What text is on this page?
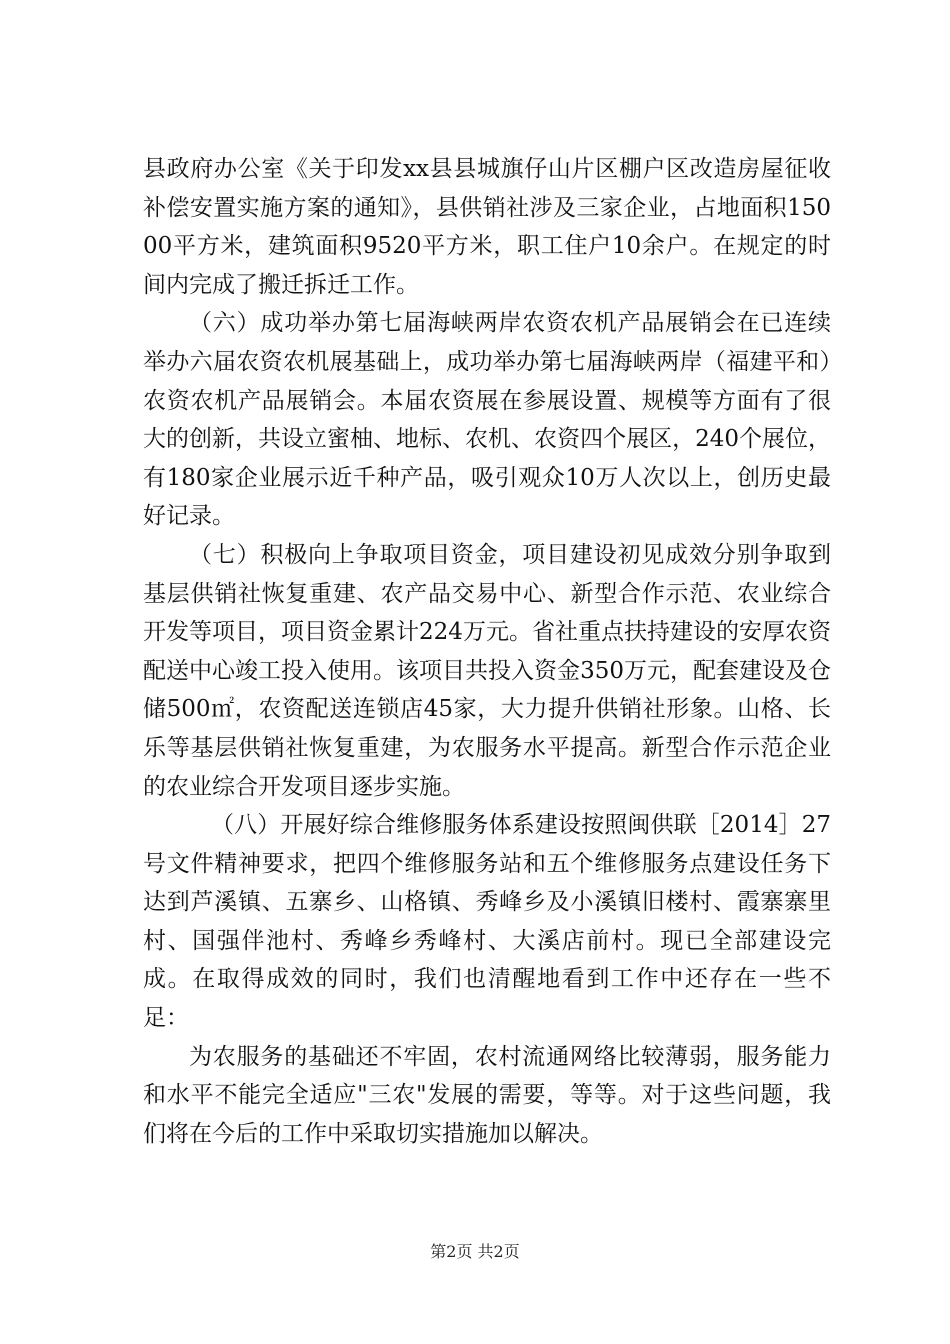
县政府办公室《关于印发xx县县城旗仔山片区棚户区改造房屋征收补偿安置实施方案的通知》，县供销社涉及三家企业，占地面积15000平方米，建筑面积9520平方米，职工住户10余户。在规定的时间内完成了搬迁拆迁工作。

（六）成功举办第七届海峡两岸农资农机产品展销会在已连续举办六届农资农机展基础上，成功举办第七届海峡两岸（福建平和）农资农机产品展销会。本届农资展在参展设置、规模等方面有了很大的创新，共设立蜜柚、地标、农机、农资四个展区，240个展位，有180家企业展示近千种产品，吸引观众10万人次以上，创历史最好记录。

（七）积极向上争取项目资金，项目建设初见成效分别争取到基层供销社恢复重建、农产品交易中心、新型合作示范、农业综合开发等项目，项目资金累计224万元。省社重点扶持建设的安厚农资配送中心竣工投入使用。该项目共投入资金350万元，配套建设及仓储500㎡，农资配送连锁店45家，大力提升供销社形象。山格、长乐等基层供销社恢复重建，为农服务水平提高。新型合作示范企业的农业综合开发项目逐步实施。

（八）开展好综合维修服务体系建设按照闽供联［2014］27号文件精神要求，把四个维修服务站和五个维修服务点建设任务下达到芦溪镇、五寨乡、山格镇、秀峰乡及小溪镇旧楼村、霞寨寨里村、国强伴池村、秀峰乡秀峰村、大溪店前村。现已全部建设完成。在取得成效的同时，我们也清醒地看到工作中还存在一些不足：

为农服务的基础还不牢固，农村流通网络比较薄弱，服务能力和水平不能完全适应"三农"发展的需要，等等。对于这些问题，我们将在今后的工作中采取切实措施加以解决。

第2页 共2页
